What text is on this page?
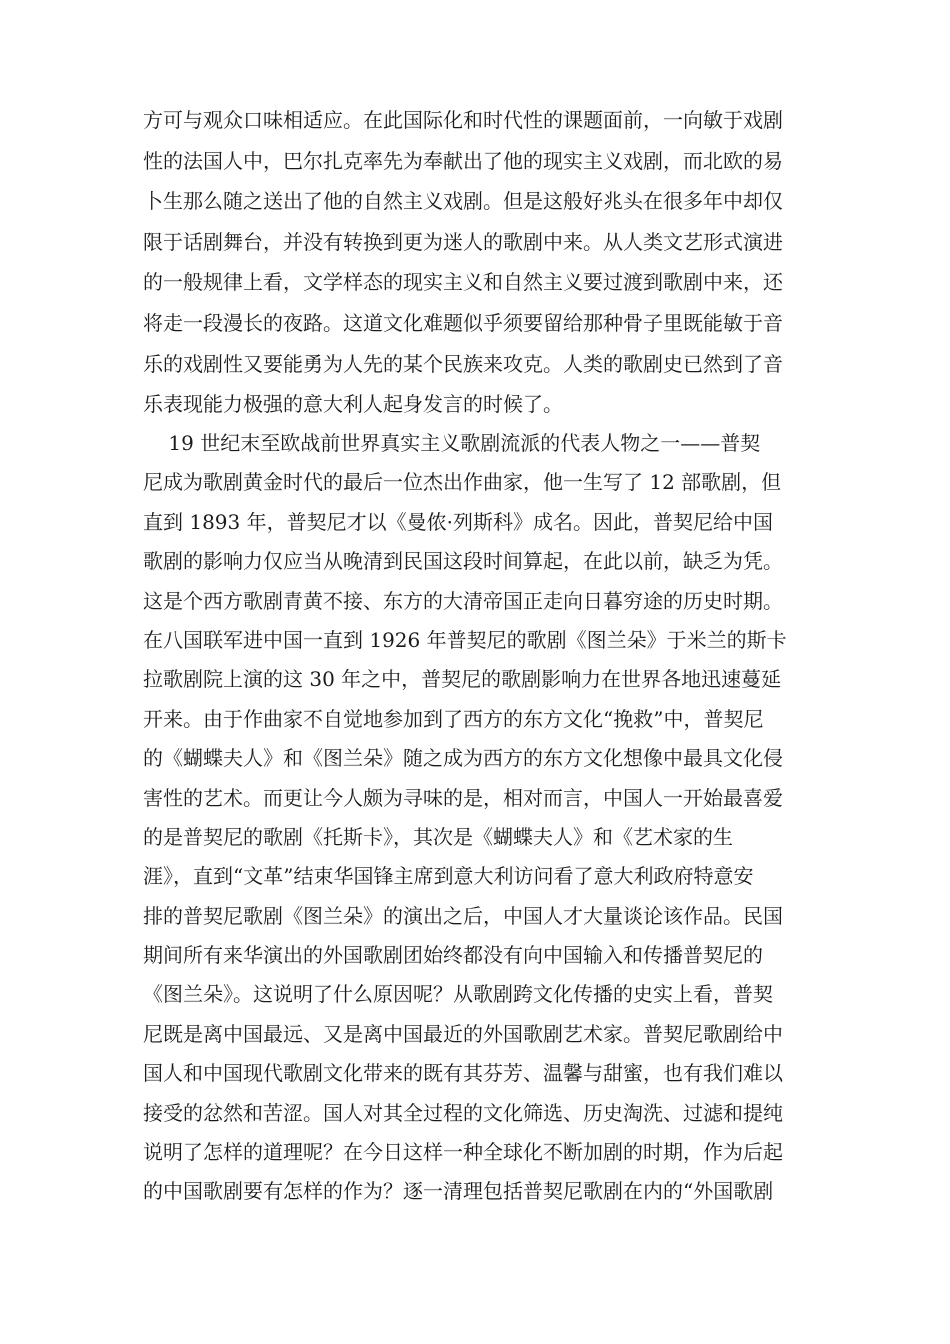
方可与观众口味相适应。在此国际化和时代性的课题面前，一向敏于戏剧
性的法国人中，巴尔扎克率先为奉献出了他的现实主义戏剧，而北欧的易
卜生那么随之送出了他的自然主义戏剧。但是这般好兆头在很多年中却仅
限于话剧舞台，并没有转换到更为迷人的歌剧中来。从人类文艺形式演进
的一般规律上看，文学样态的现实主义和自然主义要过渡到歌剧中来，还
将走一段漫长的夜路。这道文化难题似乎须要留给那种骨子里既能敏于音
乐的戏剧性又要能勇为人先的某个民族来攻克。人类的歌剧史已然到了音
乐表现能力极强的意大利人起身发言的时候了。
19 世纪末至欧战前世界真实主义歌剧流派的代表人物之一——普契
尼成为歌剧黄金时代的最后一位杰出作曲家，他一生写了 12 部歌剧，但
直到 1893 年，普契尼才以《曼侬·列斯科》成名。因此，普契尼给中国
歌剧的影响力仅应当从晚清到民国这段时间算起，在此以前，缺乏为凭。
这是个西方歌剧青黄不接、东方的大清帝国正走向日暮穷途的历史时期。
在八国联军进中国一直到 1926 年普契尼的歌剧《图兰朵》于米兰的斯卡
拉歌剧院上演的这 30 年之中，普契尼的歌剧影响力在世界各地迅速蔓延
开来。由于作曲家不自觉地参加到了西方的东方文化“挽救”中，普契尼
的《蝴蝶夫人》和《图兰朵》随之成为西方的东方文化想像中最具文化侵
害性的艺术。而更让今人颇为寻味的是，相对而言，中国人一开始最喜爱
的是普契尼的歌剧《托斯卡》，其次是《蝴蝶夫人》和《艺术家的生
涯》，直到“文革”结束华国锋主席到意大利访问看了意大利政府特意安
排的普契尼歌剧《图兰朵》的演出之后，中国人才大量谈论该作品。民国
期间所有来华演出的外国歌剧团始终都没有向中国输入和传播普契尼的
《图兰朵》。这说明了什么原因呢？从歌剧跨文化传播的史实上看，普契
尼既是离中国最远、又是离中国最近的外国歌剧艺术家。普契尼歌剧给中
国人和中国现代歌剧文化带来的既有其芬芳、温馨与甜蜜，也有我们难以
接受的忿然和苦涩。国人对其全过程的文化筛选、历史淘洗、过滤和提纯
说明了怎样的道理呢？在今日这样一种全球化不断加剧的时期，作为后起
的中国歌剧要有怎样的作为？逐一清理包括普契尼歌剧在内的“外国歌剧
